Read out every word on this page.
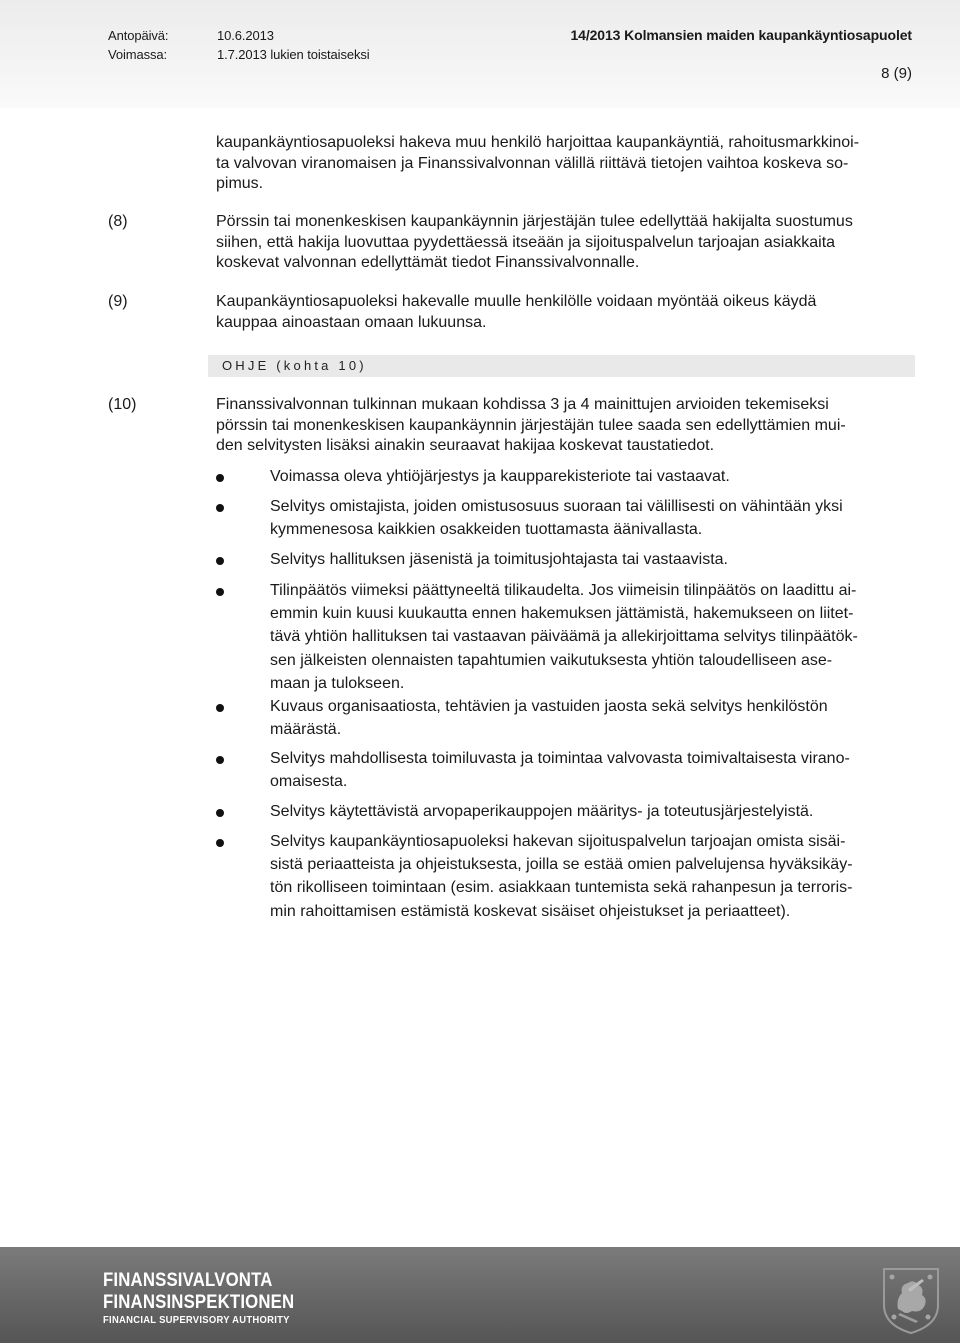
Antopäivä:	10.6.2013
Voimassa:	1.7.2013 lukien toistaiseksi
14/2013 Kolmansien maiden kaupankäyntiosapuolet
8 (9)

kaupankäyntiosapuoleksi hakeva muu henkilö harjoittaa kaupankäyntiä, rahoitusmarkkinoi-
ta valvovan viranomaisen ja Finanssivalvonnan välillä riittävä tietojen vaihtoa koskeva so-
pimus.

(8)	Pörssin tai monenkeskisen kaupankäynnin järjestäjän tulee edellyttää hakijalta suostumus
siihen, että hakija luovuttaa pyydettäessä itseään ja sijoituspalvelun tarjoajan asiakkaita
koskevat valvonnan edellyttämät tiedot Finanssivalvonnalle.

(9)	Kaupankäyntiosapuoleksi hakevalle muulle henkilölle voidaan myöntää oikeus käydä
kauppaa ainoastaan omaan lukuunsa.

OHJE (kohta 10)
(10)	Finanssivalvonnan tulkinnan mukaan kohdissa 3 ja 4 mainittujen arvioiden tekemiseksi
pörssin tai monenkeskisen kaupankäynnin järjestäjän tulee saada sen edellyttämien mui-
den selvitysten lisäksi ainakin seuraavat hakijaa koskevat taustatiedot.

Voimassa oleva yhtiöjärjestys ja kaupparekisteriote tai vastaavat.

Selvitys omistajista, joiden omistusosuus suoraan tai välillisesti on vähintään yksi
kymmenesosa kaikkien osakkeiden tuottamasta äänivallasta.

Selvitys hallituksen jäsenistä ja toimitusjohtajasta tai vastaavista.

Tilinpäätös viimeksi päättyneeltä tilikaudelta. Jos viimeisin tilinpäätös on laadittu ai-
emmin kuin kuusi kuukautta ennen hakemuksen jättämistä, hakemukseen on liitet-
tävä yhtiön hallituksen tai vastaavan päiväämä ja allekirjoittama selvitys tilinpäätök-
sen jälkeisten olennaisten tapahtumien vaikutuksesta yhtiön taloudelliseen ase-
maan ja tulokseen.

Kuvaus organisaatiosta, tehtävien ja vastuiden jaosta sekä selvitys henkilöstön
määrästä.

Selvitys mahdollisesta toimiluvasta ja toimintaa valvovasta toimivaltaisesta virano-
omaisesta.

Selvitys käytettävistä arvopaperikauppojen määritys- ja toteutusjärjestelyistä.

Selvitys kaupankäyntiosapuoleksi hakevan sijoituspalvelun tarjoajan omista sisäi-
sistä periaatteista ja ohjeistuksesta, joilla se estää omien palvelujensa hyväksikäy-
tön rikolliseen toimintaan (esim. asiakkaan tuntemista sekä rahanpesun ja terroris-
min rahoittamisen estämistä koskevat sisäiset ohjeistukset ja periaatteet).

FINANSSIVALVONTA
FINANSINSPEKTIONEN
FINANCIAL SUPERVISORY AUTHORITY
